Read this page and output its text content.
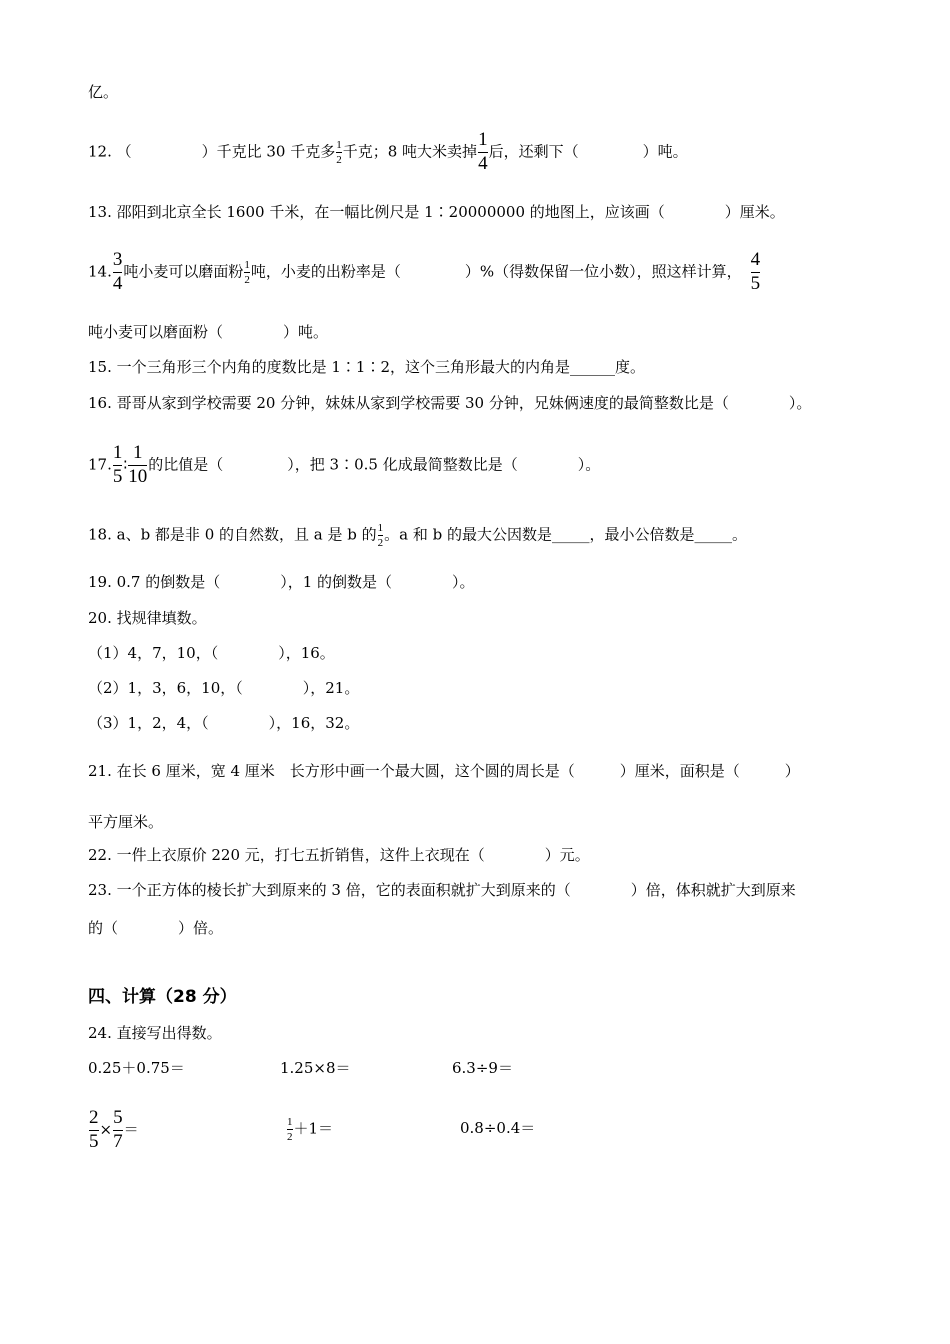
亿。
12. （	）千克比 30 千克多 $\frac{1}{2}$ 千克；8 吨大米卖掉 $\frac{1}{4}$ 后，还剩下（	）吨。
13. 邵阳到北京全长 1600 千米，在一幅比例尺是 1∶20000000 的地图上，应该画（　　　　）厘米。
14. $\frac{3}{4}$ 吨小麦可以磨面粉 $\frac{1}{2}$ 吨，小麦的出粉率是（	）%（得数保留一位小数），照这样计算， $\frac{4}{5}$
吨小麦可以磨面粉（　　　　）吨。
15. 一个三角形三个内角的度数比是 1∶1∶2，这个三角形最大的内角是______度。
16. 哥哥从家到学校需要 20 分钟，妹妹从家到学校需要 30 分钟，兄妹俩速度的最简整数比是（　　　　）。
17. $\frac{1}{5}$ ∶ $\frac{1}{10}$ 的比值是（	），把 3∶0.5 化成最简整数比是（　　　　）。
18. a、b 都是非 0 的自然数，且 a 是 b 的 $\frac{1}{2}$ 。a 和 b 的最大公因数是_____，最小公倍数是_____。
19. 0.7 的倒数是（　　　　），1 的倒数是（　　　　）。
20. 找规律填数。
（1）4，7，10，（　　　　），16。
（2）1，3，6，10，（　　　　），21。
（3）1，2，4，（　　　　），16，32。
21. 在长 6 厘米，宽 4 厘米　长方形中画一个最大圆，这个圆的周长是（　　　）厘米，面积是（　　　）
平方厘米。
22. 一件上衣原价 220 元，打七五折销售，这件上衣现在（　　　　）元。
23. 一个正方体的棱长扩大到原来的 3 倍，它的表面积就扩大到原来的（　　　　）倍，体积就扩大到原来
的（　　　　）倍。
四、计算（28 分）
24. 直接写出得数。
0.25＋0.75＝	1.25×8＝	6.3÷9＝
$\frac{2}{5} \times \frac{5}{7}$ ＝	$\frac{1}{2} +1=$	0.8÷0.4＝
